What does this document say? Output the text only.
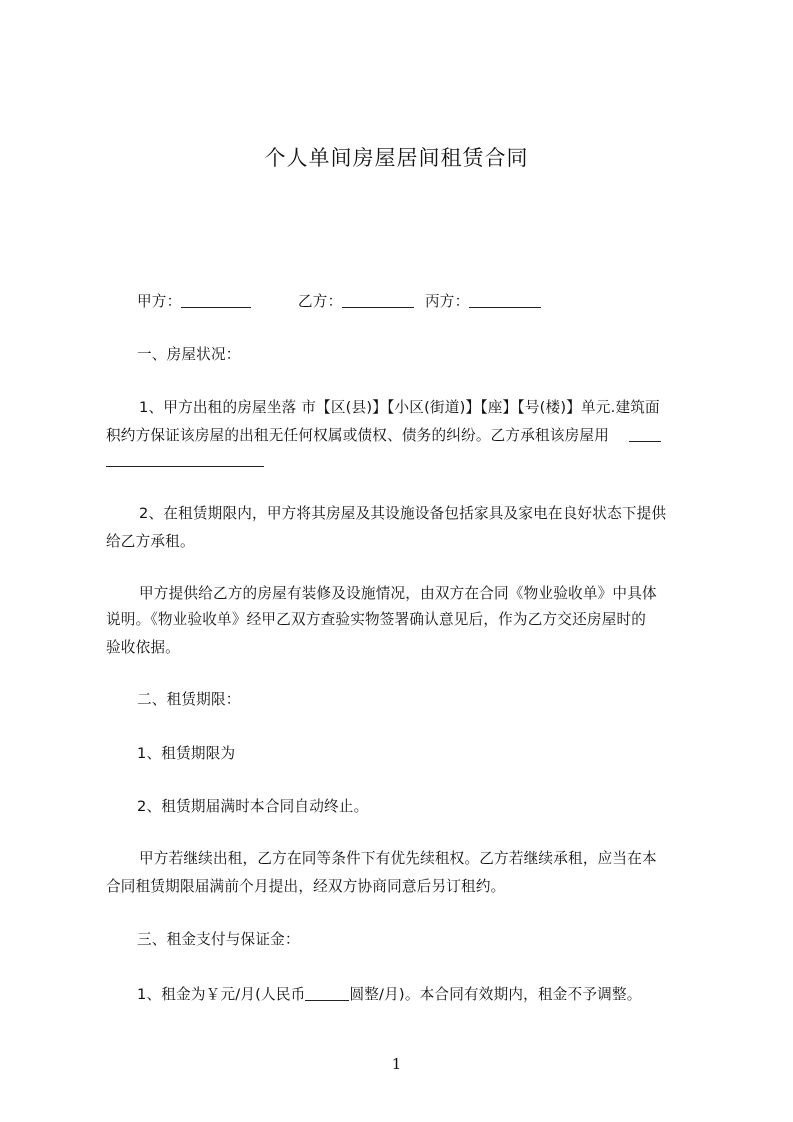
个人单间房屋居间租赁合同
甲方：	乙方：	丙方：
一、房屋状况：
1、甲方出租的房屋坐落 市【区(县)】【小区(街道)】【座】【号(楼)】单元.建筑面
积约方保证该房屋的出租无任何权属或债权、债务的纠纷。乙方承租该房屋用
2、在租赁期限内，甲方将其房屋及其设施设备包括家具及家电在良好状态下提供
给乙方承租。
甲方提供给乙方的房屋有装修及设施情况，由双方在合同《物业验收单》中具体
说明。《物业验收单》经甲乙双方查验实物签署确认意见后，作为乙方交还房屋时的
验收依据。
二、租赁期限：
1、租赁期限为
2、租赁期届满时本合同自动终止。
甲方若继续出租，乙方在同等条件下有优先续租权。乙方若继续承租，应当在本
合同租赁期限届满前个月提出，经双方协商同意后另订租约。
三、租金支付与保证金：
1、租金为￥元/月(人民币	圆整/月)。本合同有效期内，租金不予调整。
1
